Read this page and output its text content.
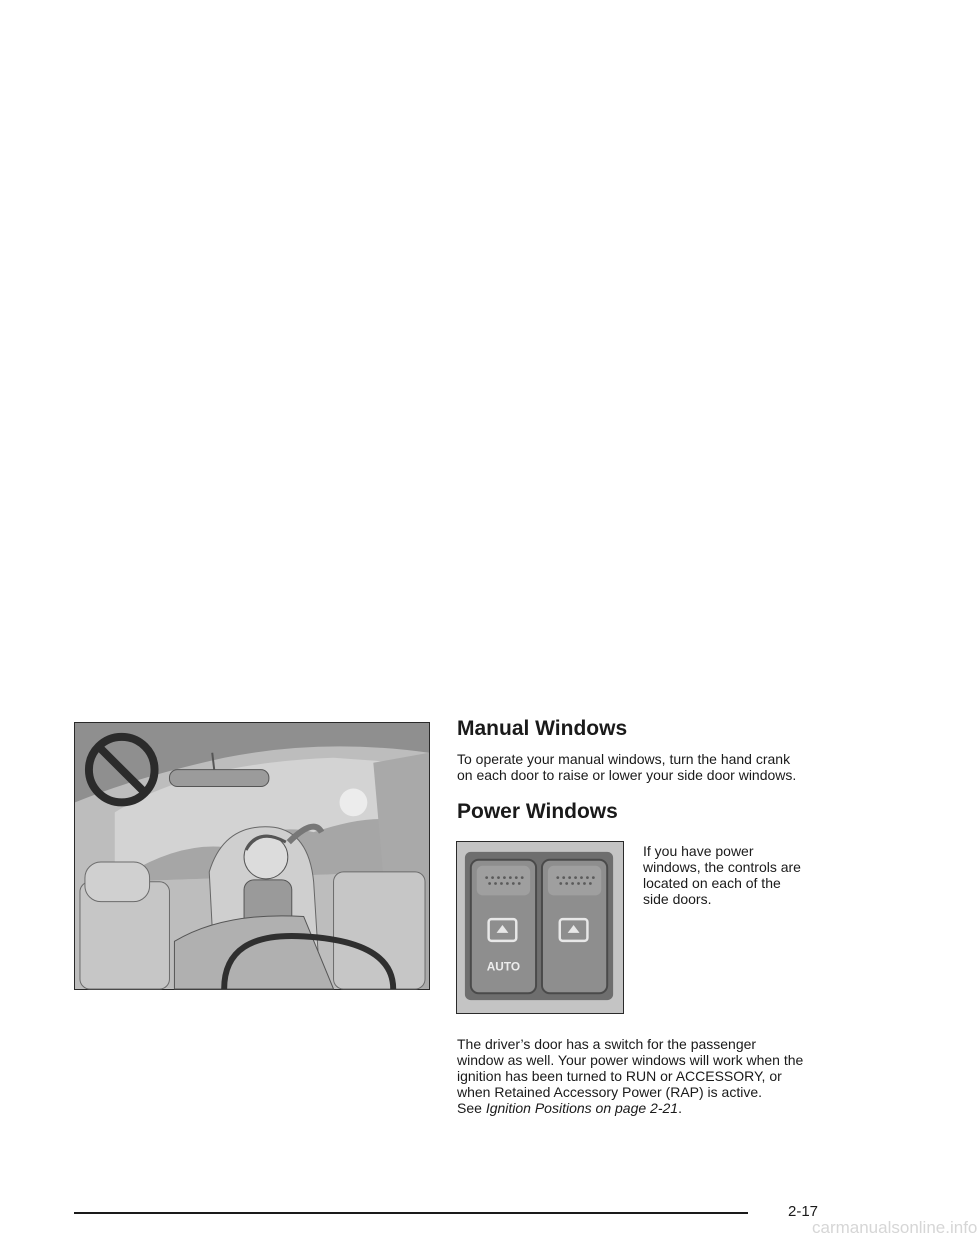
Manual Windows

To operate your manual windows, turn the hand crank
on each door to raise or lower your side door windows.

Power Windows
AUTO

If you have power
windows, the controls are
located on each of the
side doors.

The driver’s door has a switch for the passenger
window as well. Your power windows will work when the
ignition has been turned to RUN or ACCESSORY, or
when Retained Accessory Power (RAP) is active.
See Ignition Positions on page 2-21.

2-17
carmanualsonline.info
